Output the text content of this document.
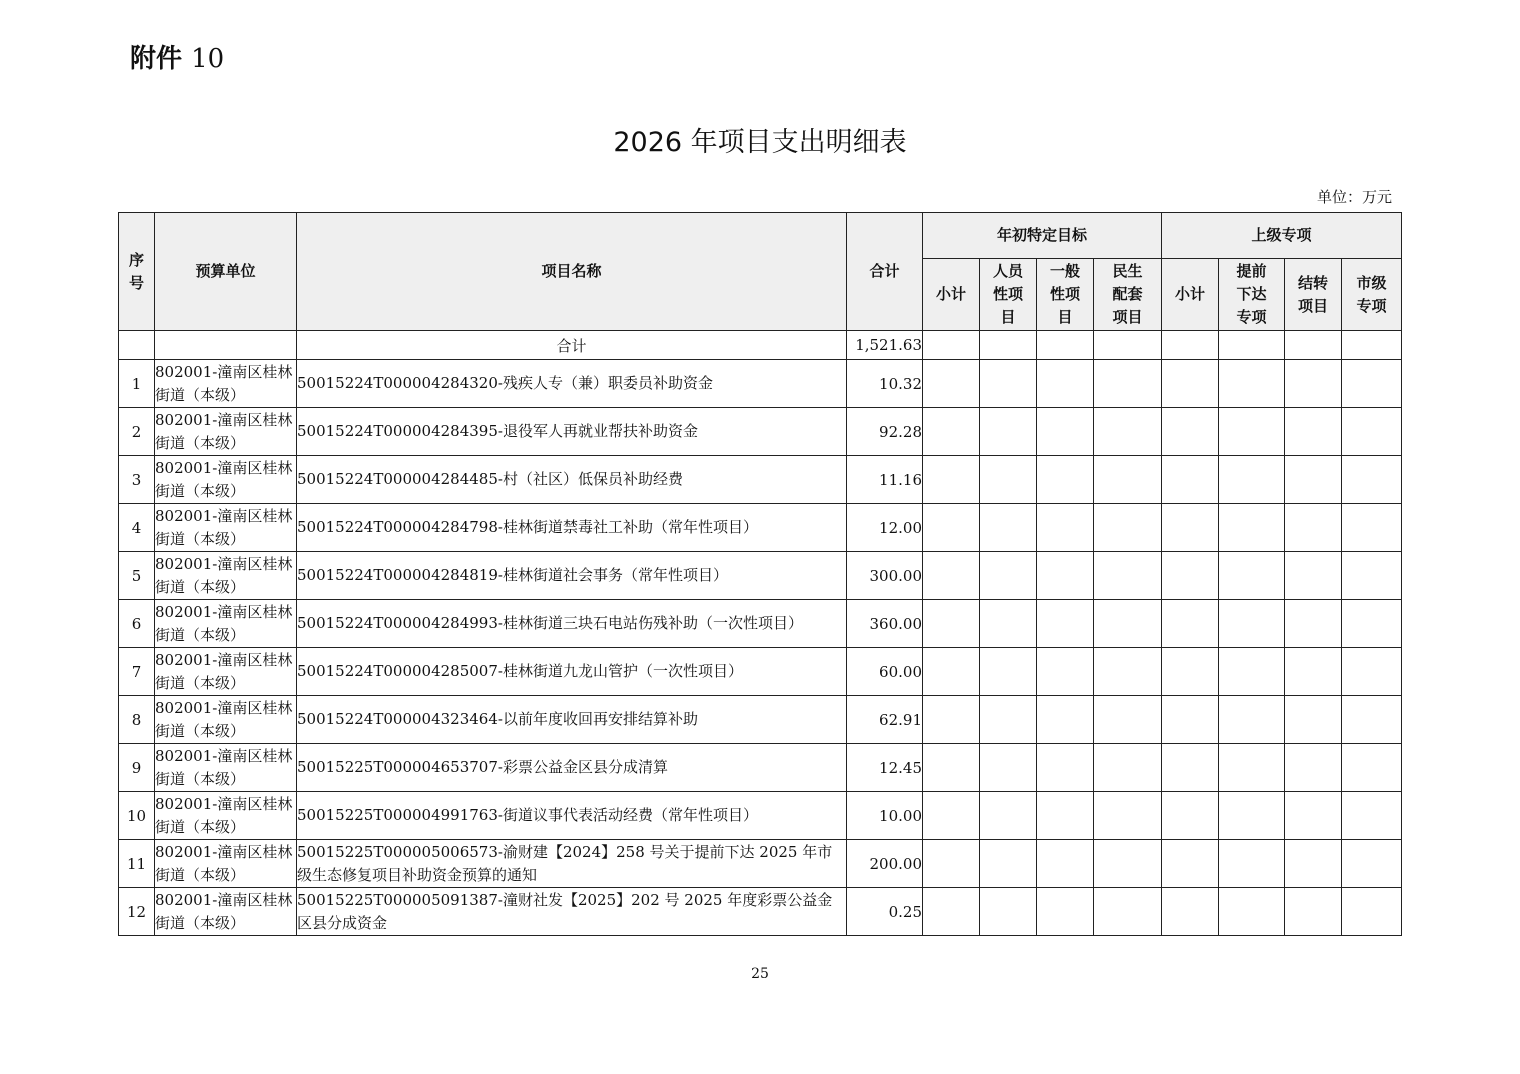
附件 10
2026 年项目支出明细表
单位：万元
序号	预算单位	项目名称	合计	年初特定目标				上级专项			
				小计	人员性项目	一般性项目	民生配套项目	小计	提前下达专项	结转项目	市级专项
		合计	1,521.63								
1	802001-潼南区桂林街道（本级）	50015224T000004284320-残疾人专（兼）职委员补助资金	10.32								
2	802001-潼南区桂林街道（本级）	50015224T000004284395-退役军人再就业帮扶补助资金	92.28								
3	802001-潼南区桂林街道（本级）	50015224T000004284485-村（社区）低保员补助经费	11.16								
4	802001-潼南区桂林街道（本级）	50015224T000004284798-桂林街道禁毒社工补助（常年性项目）	12.00								
5	802001-潼南区桂林街道（本级）	50015224T000004284819-桂林街道社会事务（常年性项目）	300.00								
6	802001-潼南区桂林街道（本级）	50015224T000004284993-桂林街道三块石电站伤残补助（一次性项目）	360.00								
7	802001-潼南区桂林街道（本级）	50015224T000004285007-桂林街道九龙山管护（一次性项目）	60.00								
8	802001-潼南区桂林街道（本级）	50015224T000004323464-以前年度收回再安排结算补助	62.91								
9	802001-潼南区桂林街道（本级）	50015225T000004653707-彩票公益金区县分成清算	12.45								
10	802001-潼南区桂林街道（本级）	50015225T000004991763-街道议事代表活动经费（常年性项目）	10.00								
11	802001-潼南区桂林街道（本级）	50015225T000005006573-渝财建【2024】258 号关于提前下达 2025 年市级生态修复项目补助资金预算的通知	200.00								
12	802001-潼南区桂林街道（本级）	50015225T000005091387-潼财社发【2025】202 号 2025 年度彩票公益金区县分成资金	0.25								
25
